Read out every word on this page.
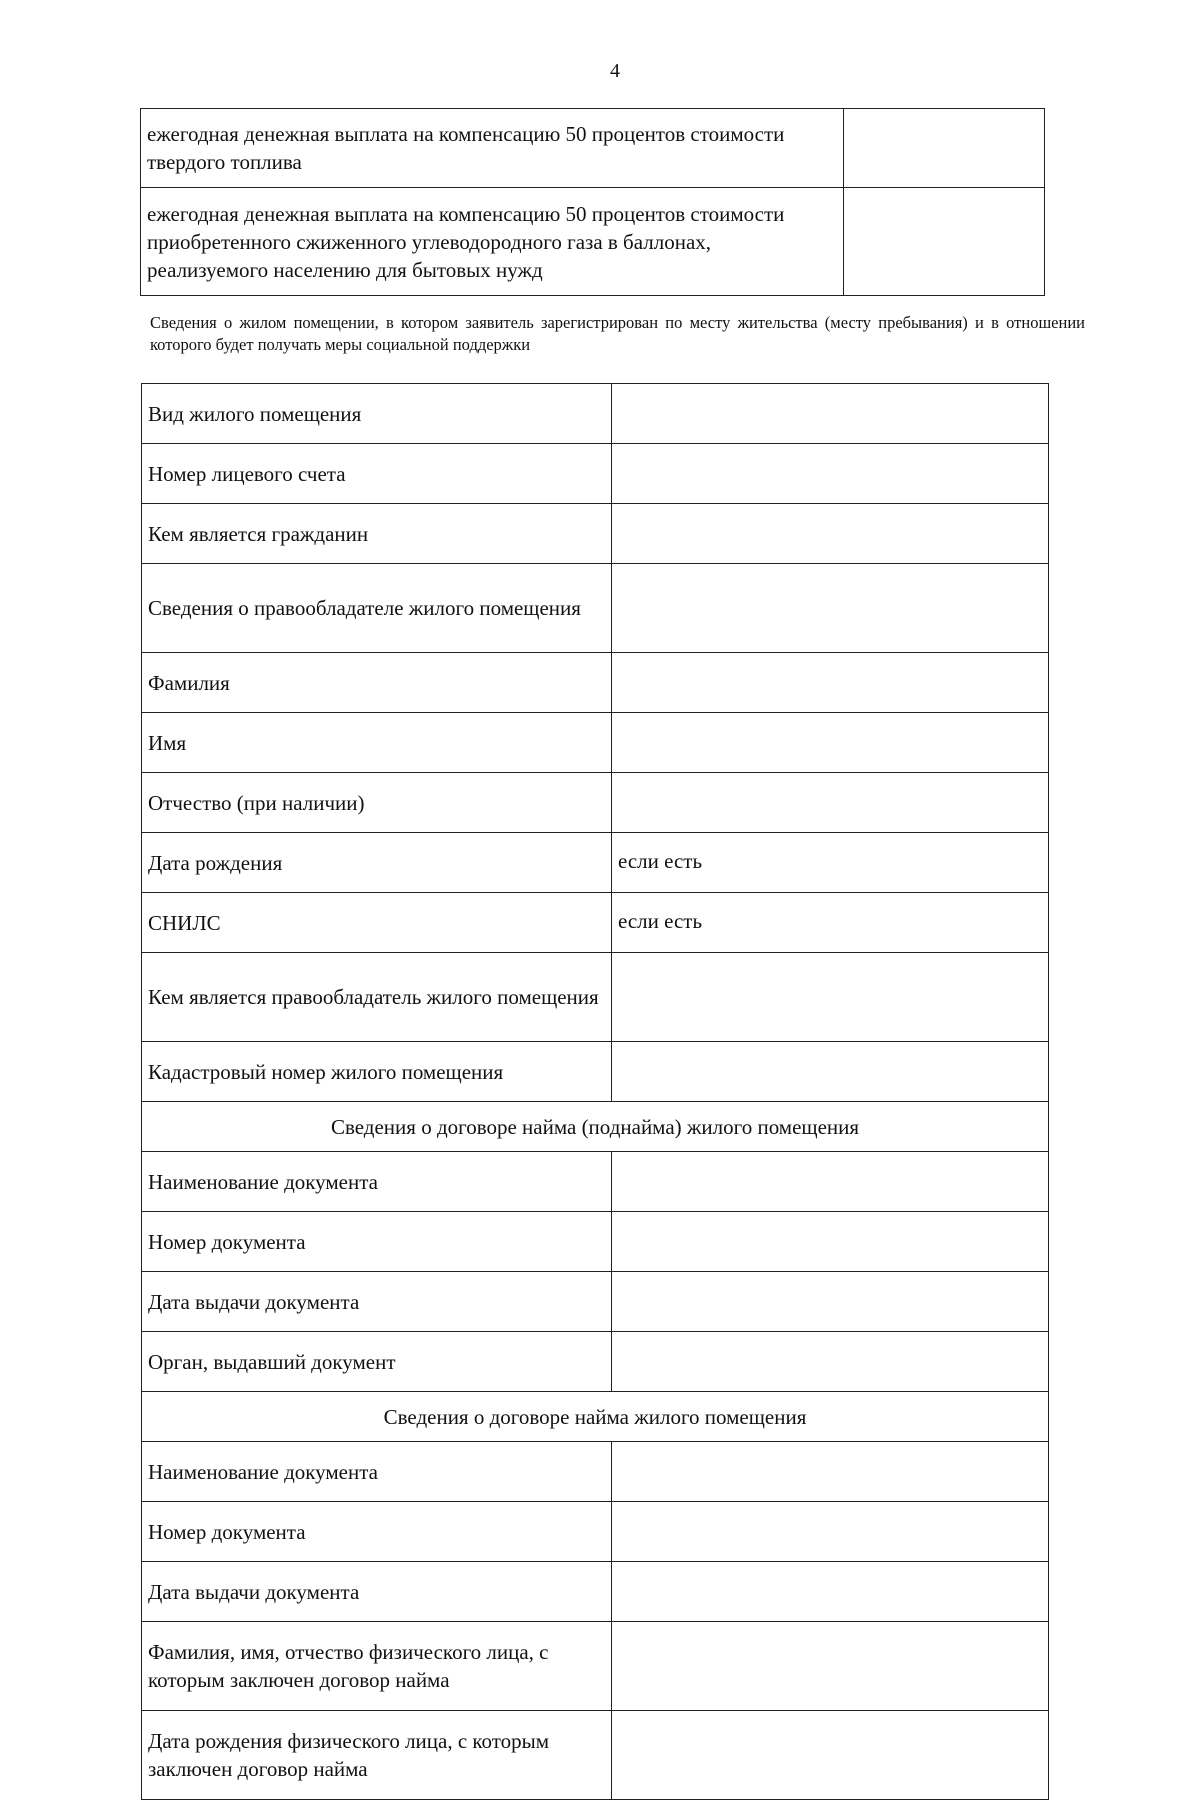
4
ежегодная денежная выплата на компенсацию 50 процентов стоимости твердого топлива	
ежегодная денежная выплата на компенсацию 50 процентов стоимости приобретенного сжиженного углеводородного газа в баллонах, реализуемого населению для бытовых нужд	
Сведения о жилом помещении, в котором заявитель зарегистрирован по месту жительства (месту пребывания) и в отношении которого будет получать меры социальной поддержки
Вид жилого помещения	
Номер лицевого счета	
Кем является гражданин	
Сведения о правообладателе жилого помещения	
Фамилия	
Имя	
Отчество (при наличии)	
Дата рождения	если есть
СНИЛС	если есть
Кем является правообладатель жилого помещения	
Кадастровый номер жилого помещения	
Сведения о договоре найма (поднайма) жилого помещения	
Наименование документа	
Номер документа	
Дата выдачи документа	
Орган, выдавший документ	
Сведения о договоре найма жилого помещения	
Наименование документа	
Номер документа	
Дата выдачи документа	
Фамилия, имя, отчество физического лица, с которым заключен договор найма	
Дата рождения физического лица, с которым заключен договор найма	
